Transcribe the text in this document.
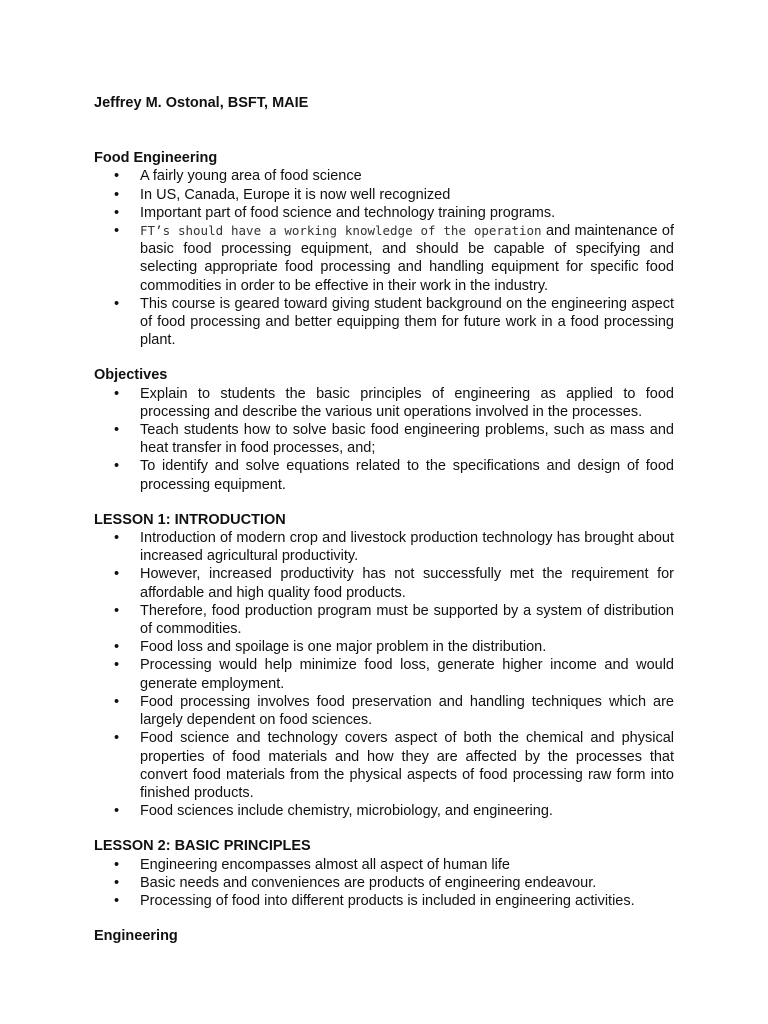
Jeffrey M. Ostonal, BSFT, MAIE

Food Engineering

• A fairly young area of food science
• In US, Canada, Europe it is now well recognized
• Important part of food science and technology training programs.
• FT’s should have a working knowledge of the operation and maintenance of basic food processing equipment, and should be capable of specifying and selecting appropriate food processing and handling equipment for specific food commodities in order to be effective in their work in the industry.
• This course is geared toward giving student background on the engineering aspect of food processing and better equipping them for future work in a food processing plant.

Objectives

• Explain to students the basic principles of engineering as applied to food processing and describe the various unit operations involved in the processes.
• Teach students how to solve basic food engineering problems, such as mass and heat transfer in food processes, and;
• To identify and solve equations related to the specifications and design of food processing equipment.

LESSON 1: INTRODUCTION

• Introduction of modern crop and livestock production technology has brought about increased agricultural productivity.
• However, increased productivity has not successfully met the requirement for affordable and high quality food products.
• Therefore, food production program must be supported by a system of distribution of commodities.
• Food loss and spoilage is one major problem in the distribution.
• Processing would help minimize food loss, generate higher income and would generate employment.
• Food processing involves food preservation and handling techniques which are largely dependent on food sciences.
• Food science and technology covers aspect of both the chemical and physical properties of food materials and how they are affected by the processes that convert food materials from the physical aspects of food processing raw form into finished products.
• Food sciences include chemistry, microbiology, and engineering.

LESSON 2: BASIC PRINCIPLES

• Engineering encompasses almost all aspect of human life
• Basic needs and conveniences are products of engineering endeavour.
• Processing of food into different products is included in engineering activities.

Engineering
